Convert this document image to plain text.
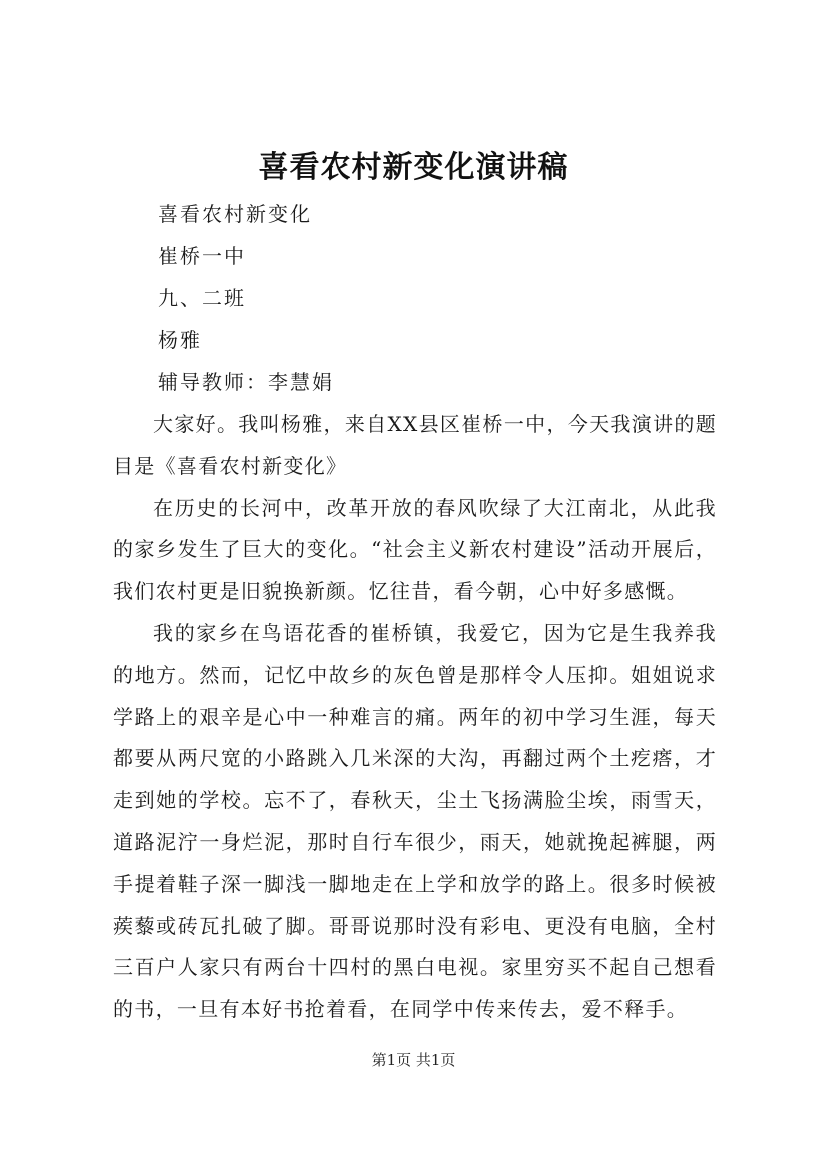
喜看农村新变化演讲稿
喜看农村新变化
崔桥一中
九、二班
杨雅
辅导教师：李慧娟

大家好。我叫杨雅，来自XX县区崔桥一中，今天我演讲的题目是《喜看农村新变化》

在历史的长河中，改革开放的春风吹绿了大江南北，从此我的家乡发生了巨大的变化。“社会主义新农村建设”活动开展后，我们农村更是旧貌换新颜。忆往昔，看今朝，心中好多感慨。

我的家乡在鸟语花香的崔桥镇，我爱它，因为它是生我养我的地方。然而，记忆中故乡的灰色曾是那样令人压抑。姐姐说求学路上的艰辛是心中一种难言的痛。两年的初中学习生涯，每天都要从两尺宽的小路跳入几米深的大沟，再翻过两个土疙瘩，才走到她的学校。忘不了，春秋天，尘土飞扬满脸尘埃，雨雪天，道路泥泞一身烂泥，那时自行车很少，雨天，她就挽起裤腿，两手提着鞋子深一脚浅一脚地走在上学和放学的路上。很多时候被蒺藜或砖瓦扎破了脚。哥哥说那时没有彩电、更没有电脑，全村三百户人家只有两台十四村的黑白电视。家里穷买不起自己想看的书，一旦有本好书抢着看，在同学中传来传去，爱不释手。

第1页 共1页
